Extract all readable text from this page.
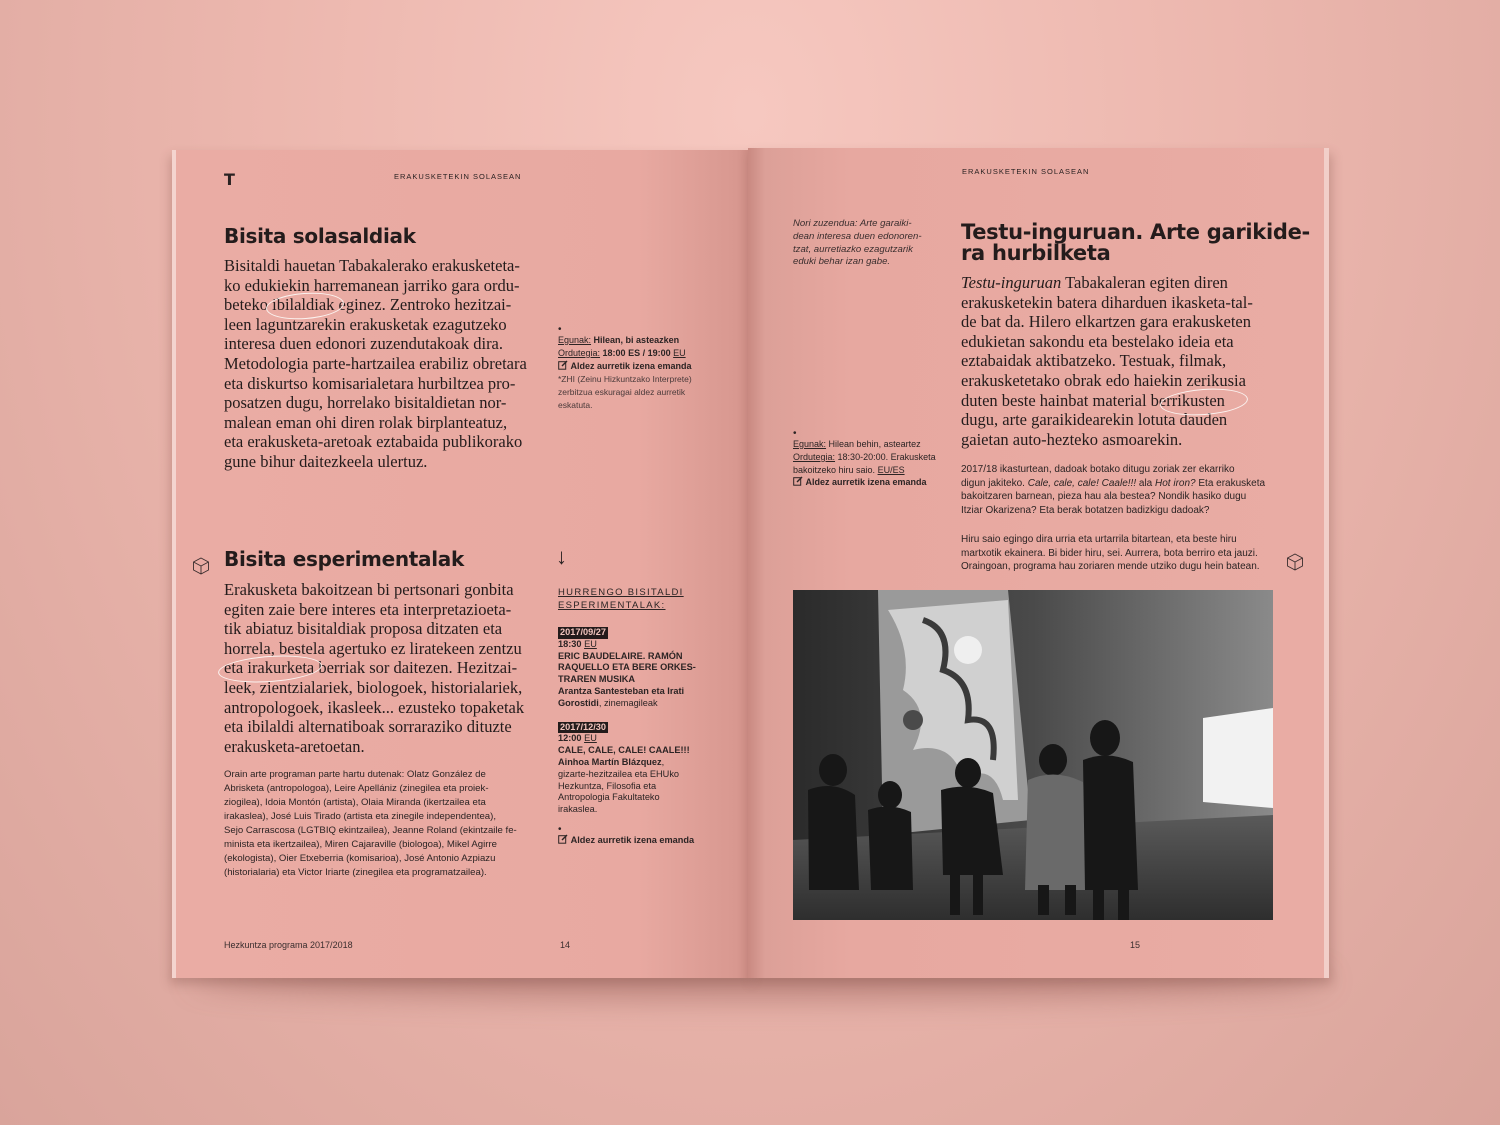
T	ERAKUSKETEKIN SOLASEAN
Bisita solasaldiak
Bisitaldi hauetan Tabakalerako erakusketeta-
ko edukiekin harremanean jarriko gara ordu-
beteko ibilaldiak eginez. Zentroko hezitzai-
leen laguntzarekin erakusketak ezagutzeko
interesa duen edonori zuzendutakoak dira.
Metodologia parte-hartzailea erabiliz obretara
eta diskurtso komisarialetara hurbiltzea pro-
posatzen dugu, horrelako bisitaldietan nor-
malean eman ohi diren rolak birplanteatuz,
eta erakusketa-aretoak eztabaida publikorako
gune bihur daitezkeela ulertuz.
•
Egunak: Hilean, bi asteazken
Ordutegia: 18:00 ES / 19:00 EU
Aldez aurretik izena emanda
*ZHI (Zeinu Hizkuntzako Interprete)
zerbitzua eskuragai aldez aurretik
eskatuta.
Bisita esperimentalak
Erakusketa bakoitzean bi pertsonari gonbita
egiten zaie bere interes eta interpretazioeta-
tik abiatuz bisitaldiak proposa ditzaten eta
horrela, bestela agertuko ez liratekeen zentzu
eta irakurketa berriak sor daitezen. Hezitzai-
leek, zientzialariek, biologoek, historialariek,
antropologoek, ikasleek... ezusteko topaketak
eta ibilaldi alternatiboak sorraraziko dituzte
erakusketa-aretoetan.
Orain arte programan parte hartu dutenak: Olatz González de
Abrisketa (antropologoa), Leire Apellániz (zinegilea eta proiek-
ziogilea), Idoia Montón (artista), Olaia Miranda (ikertzailea eta
irakaslea), José Luis Tirado (artista eta zinegile independentea),
Sejo Carrascosa (LGTBIQ ekintzailea), Jeanne Roland (ekintzaile fe-
minista eta ikertzailea), Miren Cajaraville (biologoa), Mikel Agirre
(ekologista), Oier Etxeberria (komisarioa), José Antonio Azpiazu
(historialaria) eta Victor Iriarte (zinegilea eta programatzailea).
↓
HURRENGO BISITALDI
ESPERIMENTALAK:
2017/09/27
18:30 EU
ERIC BAUDELAIRE. RAMÓN
RAQUELLO ETA BERE ORKES-
TRAREN MUSIKA
Arantza Santesteban eta Irati
Gorostidi, zinemagileak
2017/12/30
12:00 EU
CALE, CALE, CALE! CAALE!!!
Ainhoa Martín Blázquez,
gizarte-hezitzailea eta EHUko
Hezkuntza, Filosofia eta
Antropologia Fakultateko
irakaslea.
•
Aldez aurretik izena emanda
Hezkuntza programa 2017/2018	14
ERAKUSKETEKIN SOLASEAN
Nori zuzendua: Arte garaiki-
dean interesa duen edonoren-
tzat, aurretiazko ezagutzarik
eduki behar izan gabe.
•
Egunak: Hilean behin, asteartez
Ordutegia: 18:30-20:00. Erakusketa
bakoitzeko hiru saio. EU/ES
Aldez aurretik izena emanda
Testu-inguruan. Arte garikide-
ra hurbilketa
Testu-inguruan Tabakaleran egiten diren
erakusketekin batera diharduen ikasketa-tal-
de bat da. Hilero elkartzen gara erakusketen
edukietan sakondu eta bestelako ideia eta
eztabaidak aktibatzeko. Testuak, filmak,
erakusketetako obrak edo haiekin zerikusia
duten beste hainbat material berrikusten
dugu, arte garaikidearekin lotuta dauden
gaietan auto-hezteko asmoarekin.
2017/18 ikasturtean, dadoak botako ditugu zoriak zer ekarriko
digun jakiteko. Cale, cale, cale! Caale!!! ala Hot iron? Eta erakusketa
bakoitzaren barnean, pieza hau ala bestea? Nondik hasiko dugu
Itziar Okarizena? Eta berak botatzen badizkigu dadoak?
Hiru saio egingo dira urria eta urtarrila bitartean, eta beste hiru
martxotik ekainera. Bi bider hiru, sei. Aurrera, bota berriro eta jauzi.
Oraingoan, programa hau zoriaren mende utziko dugu hein batean.
15
